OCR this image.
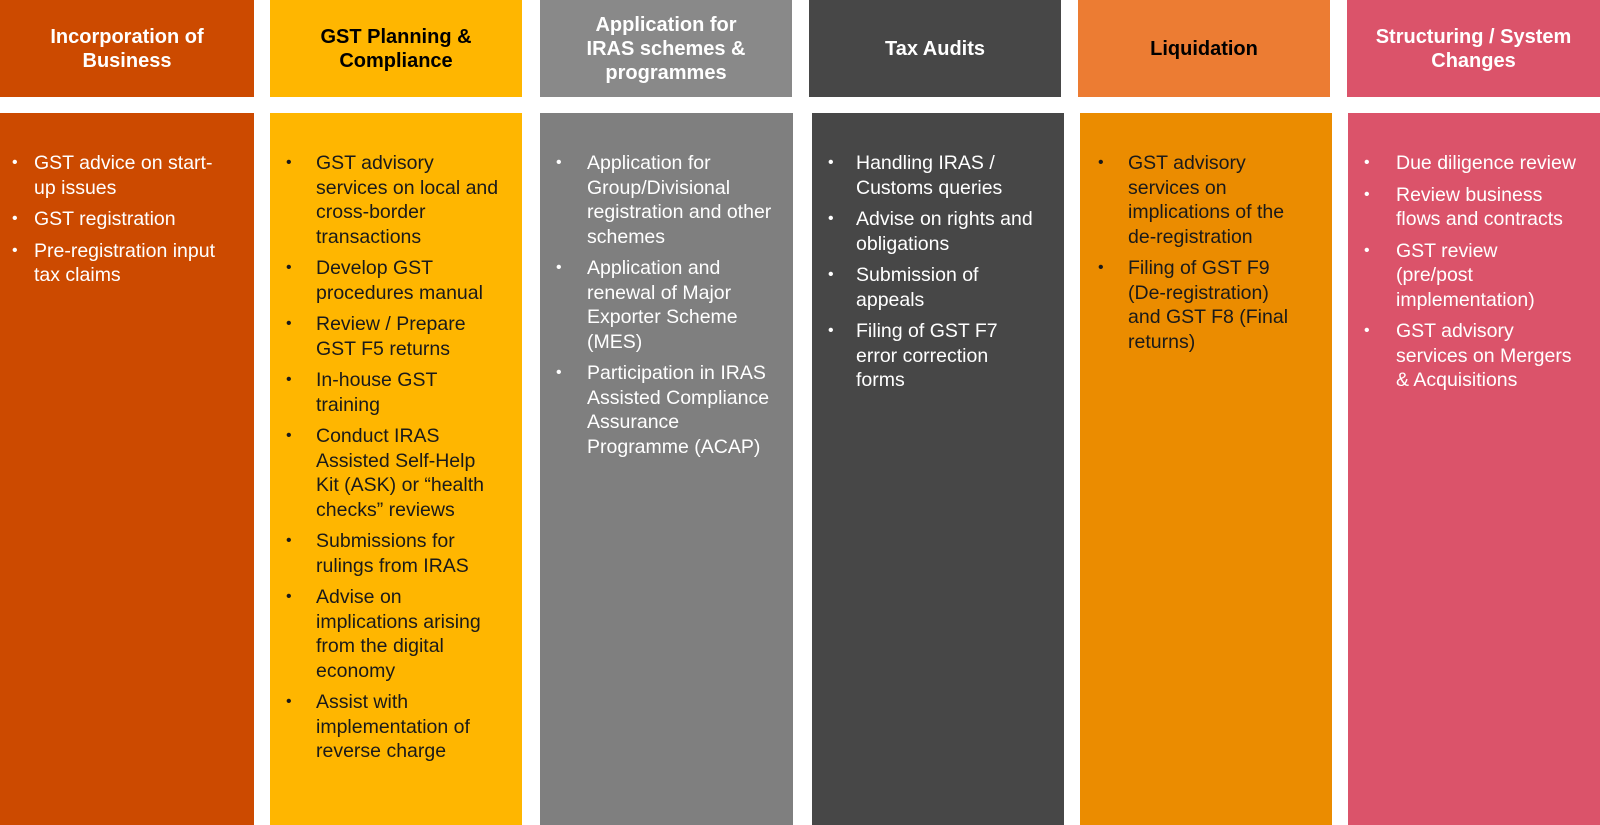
Incorporation of
Business
• GST advice on start-
up issues
• GST registration
• Pre-registration input
tax claims
GST Planning &
Compliance
• GST advisory
services on local and
cross-border
transactions
• Develop GST
procedures manual
• Review / Prepare
GST F5 returns
• In-house GST
training
• Conduct IRAS
Assisted Self-Help
Kit (ASK) or “health
checks” reviews
• Submissions for
rulings from IRAS
• Advise on
implications arising
from the digital
economy
• Assist with
implementation of
reverse charge
Application for
IRAS schemes &
programmes
• Application for
Group/Divisional
registration and other
schemes
• Application and
renewal of Major
Exporter Scheme
(MES)
• Participation in IRAS
Assisted Compliance
Assurance
Programme (ACAP)
Tax Audits
• Handling IRAS /
Customs queries
• Advise on rights and
obligations
• Submission of
appeals
• Filing of GST F7
error correction
forms
Liquidation
• GST advisory
services on
implications of the
de-registration
• Filing of GST F9
(De-registration)
and GST F8 (Final
returns)
Structuring / System
Changes
• Due diligence review
• Review business
flows and contracts
• GST review
(pre/post
implementation)
• GST advisory
services on Mergers
& Acquisitions
